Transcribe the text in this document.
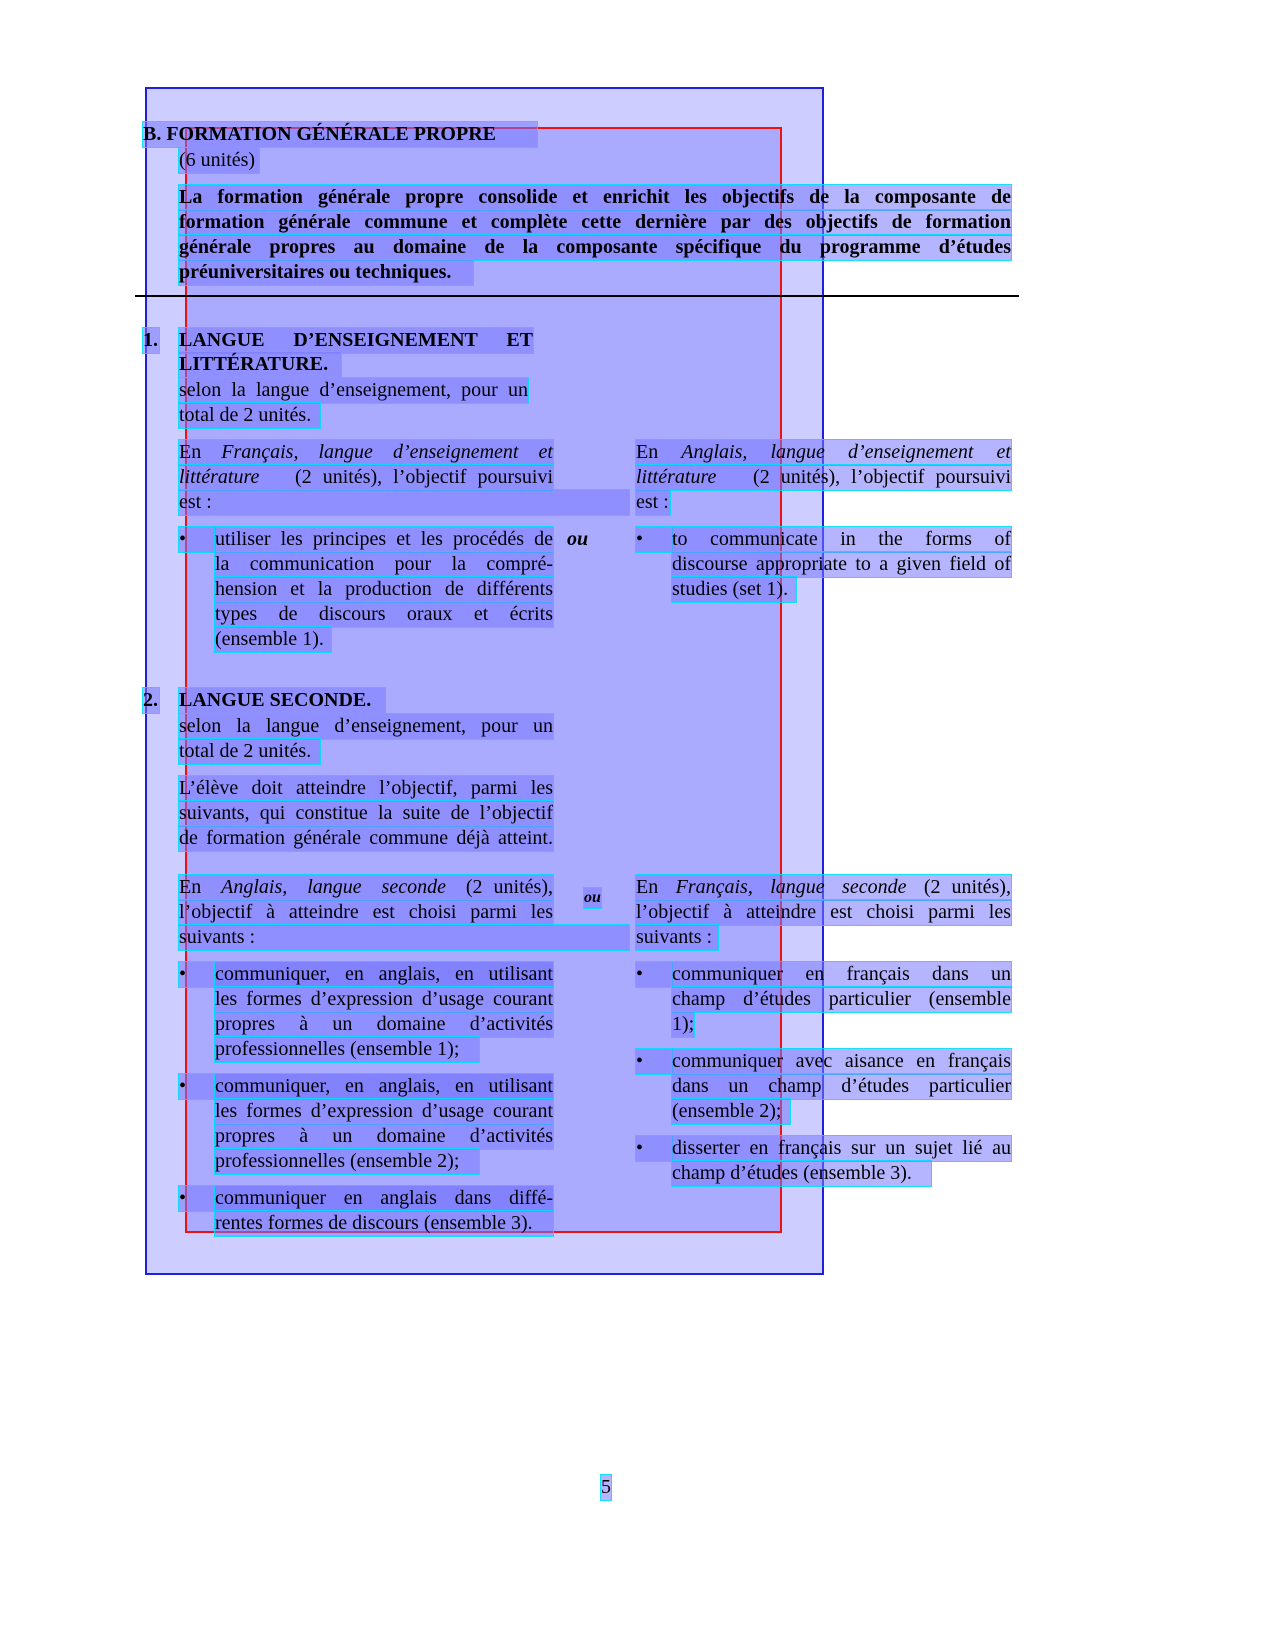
B. FORMATION GÉNÉRALE PROPRE
(6 unités)
La formation générale propre consolide et enrichit les objectifs de la composante de
formation générale commune et complète cette dernière par des objectifs de formation
générale propres au domaine de la composante spécifique du programme d’études
préuniversitaires ou techniques.
1. LANGUE D’ENSEIGNEMENT ET
LITTÉRATURE.
selon la langue d’enseignement, pour un
total de 2 unités.
En Français, langue d’enseignement et
littérature (2 unités), l’objectif poursuivi
est :
En Anglais, langue d’enseignement et
littérature (2 unités), l’objectif poursuivi
est :
•	utiliser les principes et les procédés de
la communication pour la compré-
hension et la production de différents
types de discours oraux et écrits
(ensemble 1).
ou •	to communicate in the forms of
discourse appropriate to a given field of
studies (set 1).
2. LANGUE SECONDE.
selon la langue d’enseignement, pour un
total de 2 unités.
L’élève doit atteindre l’objectif, parmi les
suivants, qui constitue la suite de l’objectif
de formation générale commune déjà atteint.
En Anglais, langue seconde (2 unités),
l’objectif à atteindre est choisi parmi les
suivants :
ou En Français, langue seconde (2 unités),
l’objectif à atteindre est choisi parmi les
suivants :
•	communiquer, en anglais, en utilisant
les formes d’expression d’usage courant
propres à un domaine d’activités
professionnelles (ensemble 1);
•	communiquer, en anglais, en utilisant
les formes d’expression d’usage courant
propres à un domaine d’activités
professionnelles (ensemble 2);
•	communiquer en anglais dans diffé-
rentes formes de discours (ensemble 3).
•	communiquer en français dans un
champ d’études particulier (ensemble
1);
•	communiquer avec aisance en français
dans un champ d’études particulier
(ensemble 2);
•	disserter en français sur un sujet lié au
champ d’études (ensemble 3).
5
